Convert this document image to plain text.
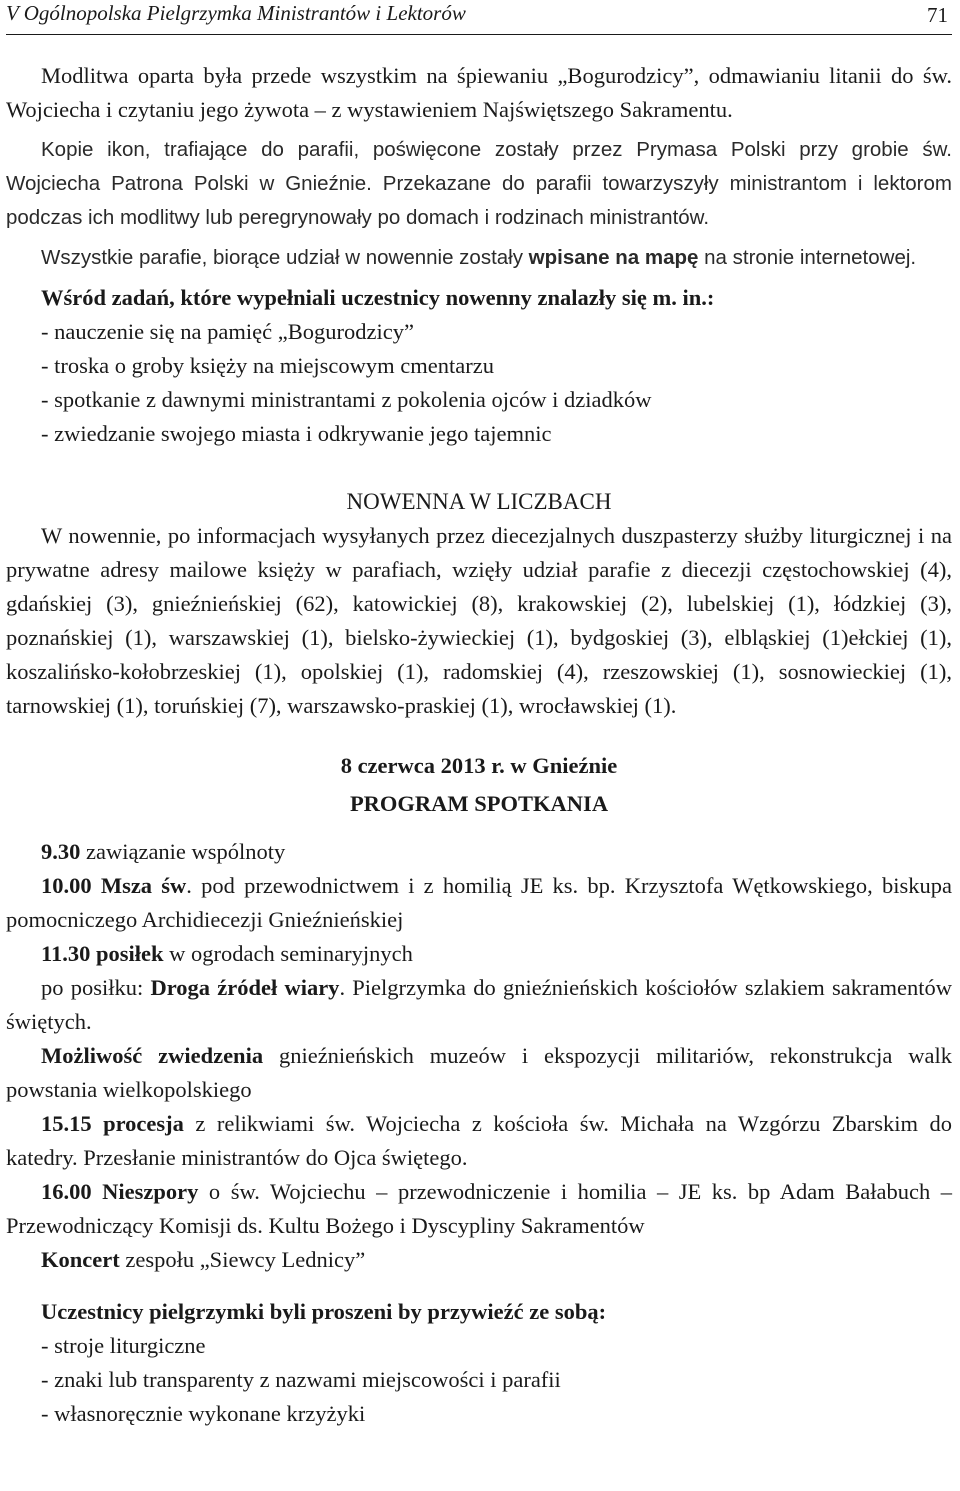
V Ogólnopolska Pielgrzymka Ministrantów i Lektorów	71

Modlitwa oparta była przede wszystkim na śpiewaniu „Bogurodzicy”, odmawianiu litanii do św. Wojciecha i czytaniu jego żywota – z wystawieniem Najświętszego Sakramentu.

Kopie ikon, trafiające do parafii, poświęcone zostały przez Prymasa Polski przy grobie św. Wojciecha Patrona Polski w Gnieźnie. Przekazane do parafii towarzyszyły ministrantom i lektorom podczas ich modlitwy lub peregrynowały po domach i rodzinach ministrantów.

Wszystkie parafie, biorące udział w nowennie zostały wpisane na mapę na stronie internetowej.

Wśród zadań, które wypełniali uczestnicy nowenny znalazły się m. in.:

- nauczenie się na pamięć „Bogurodzicy”

- troska o groby księży na miejscowym cmentarzu

- spotkanie z dawnymi ministrantami z pokolenia ojców i dziadków

- zwiedzanie swojego miasta i odkrywanie jego tajemnic

NOWENNA W LICZBACH

W nowennie, po informacjach wysyłanych przez diecezjalnych duszpasterzy służby liturgicznej i na prywatne adresy mailowe księży w parafiach, wzięły udział parafie z diecezji częstochowskiej (4), gdańskiej (3), gnieźnieńskiej (62), katowickiej (8), krakowskiej (2), lubelskiej (1), łódzkiej (3), poznańskiej (1), warszawskiej (1), bielsko-żywieckiej (1), bydgoskiej (3), elbląskiej (1)ełckiej (1), koszalińsko-kołobrzeskiej (1), opolskiej (1), radomskiej (4), rzeszowskiej (1), sosnowieckiej (1), tarnowskiej (1), toruńskiej (7), warszawsko-praskiej (1), wrocławskiej (1).

8 czerwca 2013 r. w Gnieźnie

PROGRAM SPOTKANIA

9.30 zawiązanie wspólnoty

10.00 Msza św. pod przewodnictwem i z homilią JE ks. bp. Krzysztofa Wętkowskiego, biskupa pomocniczego Archidiecezji Gnieźnieńskiej

11.30 posiłek w ogrodach seminaryjnych

po posiłku: Droga źródeł wiary. Pielgrzymka do gnieźnieńskich kościołów szlakiem sakramentów świętych.

Możliwość zwiedzenia gnieźnieńskich muzeów i ekspozycji militariów, rekonstrukcja walk powstania wielkopolskiego

15.15 procesja z relikwiami św. Wojciecha z kościoła św. Michała na Wzgórzu Zbarskim do katedry. Przesłanie ministrantów do Ojca świętego.

16.00 Nieszpory o św. Wojciechu – przewodniczenie i homilia – JE ks. bp Adam Bałabuch – Przewodniczący Komisji ds. Kultu Bożego i Dyscypliny Sakramentów

Koncert zespołu „Siewcy Lednicy”

Uczestnicy pielgrzymki byli proszeni by przywieźć ze sobą:

- stroje liturgiczne

- znaki lub transparenty z nazwami miejscowości i parafii

- własnoręcznie wykonane krzyżyki
